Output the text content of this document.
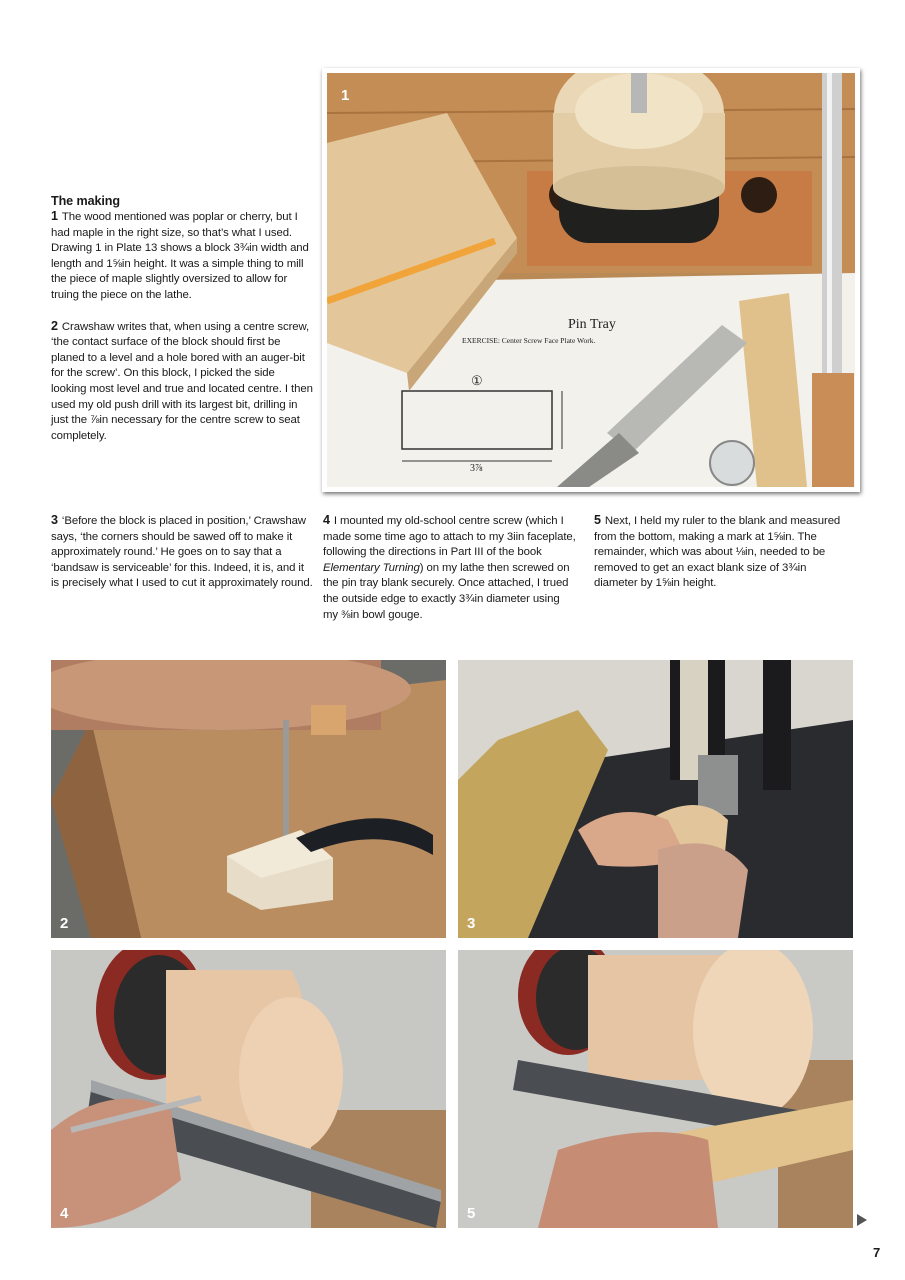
Pin Tray
EXERCISE: Center Screw Face Plate Work.
①
3⅞
1

The making

1 The wood mentioned was poplar or cherry, but I had maple in the right size, so that’s what I used. Drawing 1 in Plate 13 shows a block 3¾in width and length and 1⅝in height. It was a simple thing to mill the piece of maple slightly oversized to allow for truing the piece on the lathe.

2 Crawshaw writes that, when using a centre screw, ‘the contact surface of the block should first be planed to a level and a hole bored with an auger-bit for the screw’. On this block, I picked the side looking most level and true and located centre. I then used my old push drill with its largest bit, drilling in just the ⅞in necessary for the centre screw to seat completely.

3 ‘Before the block is placed in position,’ Crawshaw says, ‘the corners should be sawed off to make it approximately round.’ He goes on to say that a ‘bandsaw is serviceable’ for this. Indeed, it is, and it is precisely what I used to cut it approximately round.

4 I mounted my old-school centre screw (which I made some time ago to attach to my 3iin faceplate, following the directions in Part III of the book Elementary Turning) on my lathe then screwed on the pin tray blank securely. Once attached, I trued the outside edge to exactly 3¾in diameter using my ⅜in bowl gouge.

5 Next, I held my ruler to the blank and measured from the bottom, making a mark at 1⅝in. The remainder, which was about ⅛in, needed to be removed to get an exact blank size of 3¾in diameter by 1⅝in height.

2	3
4	5
7
